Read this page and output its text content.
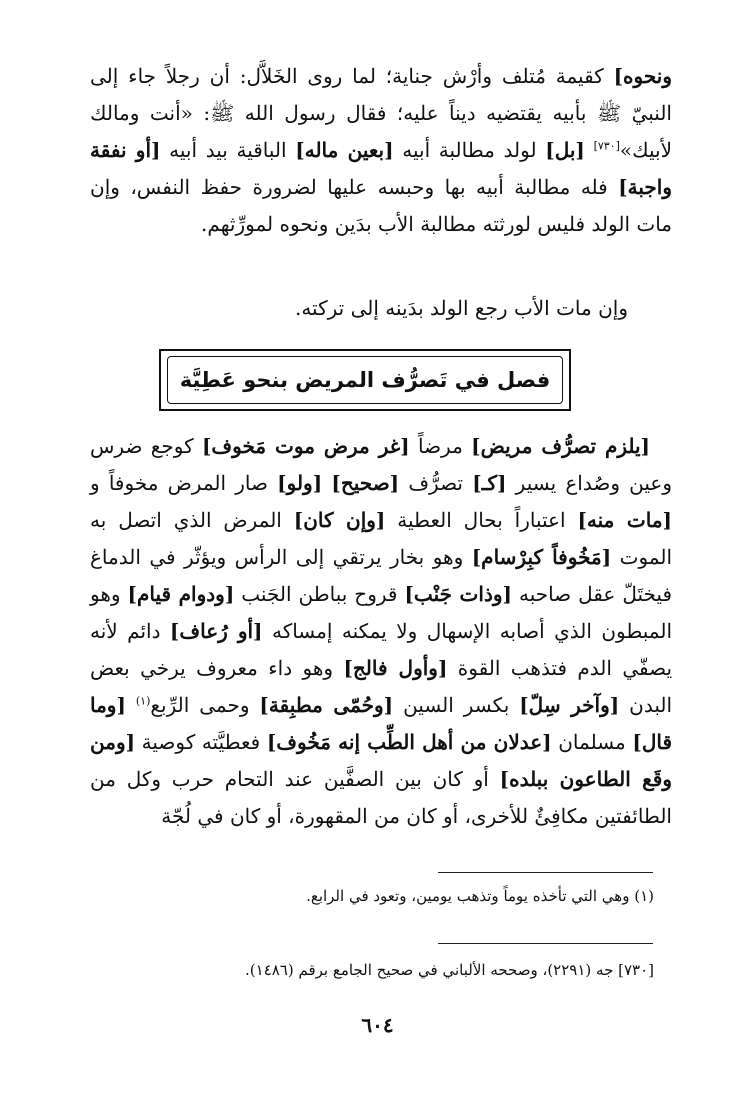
ونحوه] كقيمة مُتلف وأرْش جناية؛ لما روى الخَلاَّل: أن رجلاً جاء إلى النبيّ ﷺ بأبيه يقتضيه ديناً عليه؛ فقال رسول الله ﷺ: «أنت ومالك لأبيك»[٧٣٠] [بل] لولد مطالبة أبيه [بعين ماله] الباقية بيد أبيه [أو نفقة واجبة] فله مطالبة أبيه بها وحبسه عليها لضرورة حفظ النفس، وإن مات الولد فليس لورثته مطالبة الأب بدَين ونحوه لمورِّثهم.

وإن مات الأب رجع الولد بدَينه إلى تركته.

فصل في تَصرُّف المريض بنحو عَطِيَّة

[يلزم تصرُّف مريض] مرضاً [غر مرض موت مَخوف] كوجع ضرس وعين وصُداع يسير [كـ] تصرُّف [صحيح] [ولو] صار المرض مخوفاً و [مات منه] اعتباراً بحال العطية [وإن كان] المرض الذي اتصل به الموت [مَخُوفاً كبِرْسام] وهو بخار يرتقي إلى الرأس ويؤثّر في الدماغ فيختَلّ عقل صاحبه [وذات جَنْب] قروح بباطن الجَنب [ودوام قيام] وهو المبطون الذي أصابه الإسهال ولا يمكنه إمساكه [أو رُعاف] دائم لأنه يصفّي الدم فتذهب القوة [وأول فالج] وهو داء معروف يرخي بعض البدن [وآخر سِلّ] بكسر السين [وحُمّى مطبِقة] وحمى الرِّبع$^{(١)}$ [وما قال] مسلمان [عدلان من أهل الطِّب إنه مَخُوف] فعطيَّته كوصية [ومن وقَع الطاعون ببلده] أو كان بين الصفَّين عند التحام حرب وكل من الطائفتين مكافِئٌ للأخرى، أو كان من المقهورة، أو كان في لُجّة

(١) وهي التي تأخذه يوماً وتذهب يومين، وتعود في الرابع.
[٧٣٠] جه (٢٢٩١)، وصححه الألباني في صحيح الجامع برقم (١٤٨٦).
٦٠٤
